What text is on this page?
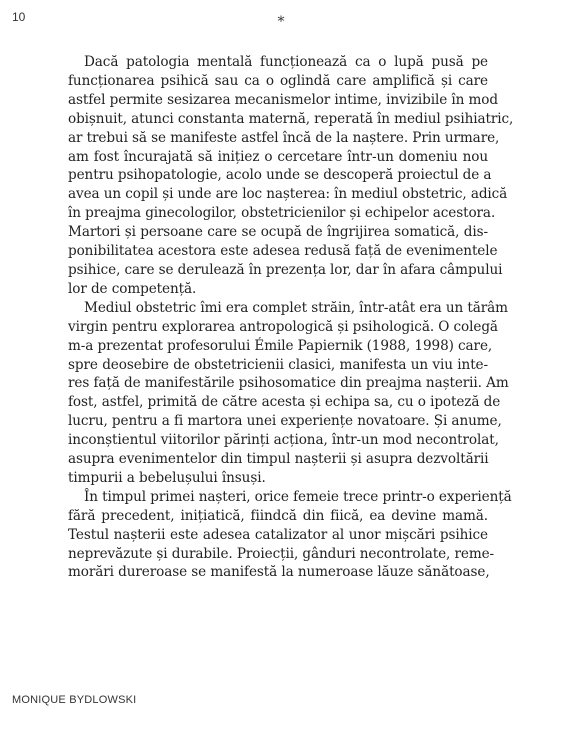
10	*
Dacă patologia mentală funcționează ca o lupă pusă pe
funcționarea psihică sau ca o oglindă care amplifică și care
astfel permite sesizarea mecanismelor intime, invizibile în mod
obișnuit, atunci constanta maternă, reperată în mediul psihiatric,
ar trebui să se manifeste astfel încă de la naștere. Prin urmare,
am fost încurajată să inițiez o cercetare într-un domeniu nou
pentru psihopatologie, acolo unde se descoperă proiectul de a
avea un copil și unde are loc nașterea: în mediul obstetric, adică
în preajma ginecologilor, obstetricienilor și echipelor acestora.
Martori și persoane care se ocupă de îngrijirea somatică, dis-
ponibilitatea acestora este adesea redusă față de evenimentele
psihice, care se derulează în prezența lor, dar în afara câmpului
lor de competență.
Mediul obstetric îmi era complet străin, într-atât era un tărâm
virgin pentru explorarea antropologică și psihologică. O colegă
m-a prezentat profesorului Émile Papiernik (1988, 1998) care,
spre deosebire de obstetricienii clasici, manifesta un viu inte-
res față de manifestările psihosomatice din preajma nașterii. Am
fost, astfel, primită de către acesta și echipa sa, cu o ipoteză de
lucru, pentru a fi martora unei experiențe novatoare. Și anume,
inconștientul viitorilor părinți acționa, într-un mod necontrolat,
asupra evenimentelor din timpul nașterii și asupra dezvoltării
timpurii a bebelușului însuși.
În timpul primei nașteri, orice femeie trece printr-o experiență
fără precedent, inițiatică, fiindcă din fiică, ea devine mamă.
Testul nașterii este adesea catalizator al unor mișcări psihice
neprevăzute și durabile. Proiecții, gânduri necontrolate, reme-
morări dureroase se manifestă la numeroase lăuze sănătoase,
MONIQUE BYDLOWSKI
